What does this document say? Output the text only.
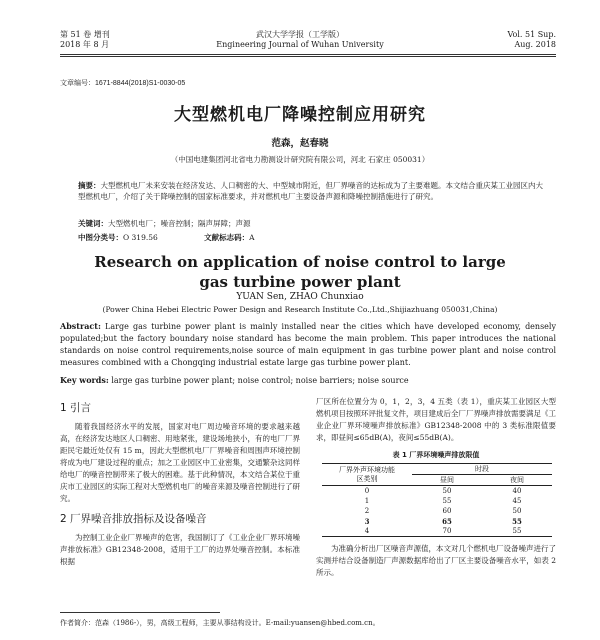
第 51 卷 增刊
2018 年 8 月
武汉大学学报（工学版）
Engineering Journal of Wuhan University
Vol. 51 Sup.
Aug. 2018
文章编号：1671-8844(2018)S1-0030-05
大型燃机电厂降噪控制应用研究
范森，赵春晓
（中国电建集团河北省电力勘测设计研究院有限公司，河北 石家庄 050031）
摘要：大型燃机电厂未来安装在经济发达、人口稠密的大、中型城市附近，但厂界噪音的达标成为了主要难题。本文结合重庆某工业园区内大型燃机电厂，介绍了关于降噪控制的国家标准要求，并对燃机电厂主要设备声源和降噪控制措施进行了研究。
关键词：大型燃机电厂；噪音控制；隔声屏障；声源
中图分类号：O 319.56	文献标志码：A
Research on application of noise control to large
gas turbine power plant
YUAN Sen, ZHAO Chunxiao
(Power China Hebei Electric Power Design and Research Institute Co.,Ltd.,Shijiazhuang 050031,China)
Abstract: Large gas turbine power plant is mainly installed near the cities which have developed economy, densely populated;but the factory boundary noise standard has become the main problem. This paper introduces the national standards on noise control requirements,noise source of main equipment in gas turbine power plant and noise control measures combined with a Chongqing industrial estate large gas turbine power plant.
Key words: large gas turbine power plant; noise control; noise barriers; noise source
1 引言
随着我国经济水平的发展，国家对电厂周边噪音环境的要求越来越高，在经济发达地区人口稠密、用地紧张，建设场地狭小，有的电厂厂界距民宅最近处仅有 15 m，因此大型燃机电厂厂界噪音和周围声环境控制将成为电厂建设过程的重点；加之工业园区中工业密集，交通繁杂这同样给电厂的噪音控制带来了极大的困难。基于此种情况，本文结合某位于重庆市工业园区的实际工程对大型燃机电厂的噪音来源及噪音控制进行了研究。
2 厂界噪音排放指标及设备噪音
为控制工业企业厂界噪声的危害，我国制订了《工业企业厂界环境噪声排放标准》GB12348-2008，适用于工厂的边界处噪音控制。本标准根据
厂区所在位置分为 0，1，2，3，4 五类（表 1），重庆某工业园区大型燃机项目按照环评批复文件，项目建成后全厂厂界噪声排放需要满足《工业企业厂界环境噪声排放标准》GB12348-2008 中的 3 类标准限值要求，即昼间≤65dB(A)，夜间≤55dB(A)。
表 1 厂界环境噪声排放限值
厂界外声环境功能
区类别	时段	
	昼间	夜间
0	50	40
1	55	45
2	60	50
3	65	55
4	70	55
为准确分析出厂区噪音声源值，本文对几个燃机电厂设备噪声进行了实测并结合设备制造厂声源数据库给出了厂区主要设备噪音水平，如表 2 所示。
作者简介：范森（1986-），男，高级工程师，主要从事结构设计。E-mail:yuansen@hbed.com.cn。
